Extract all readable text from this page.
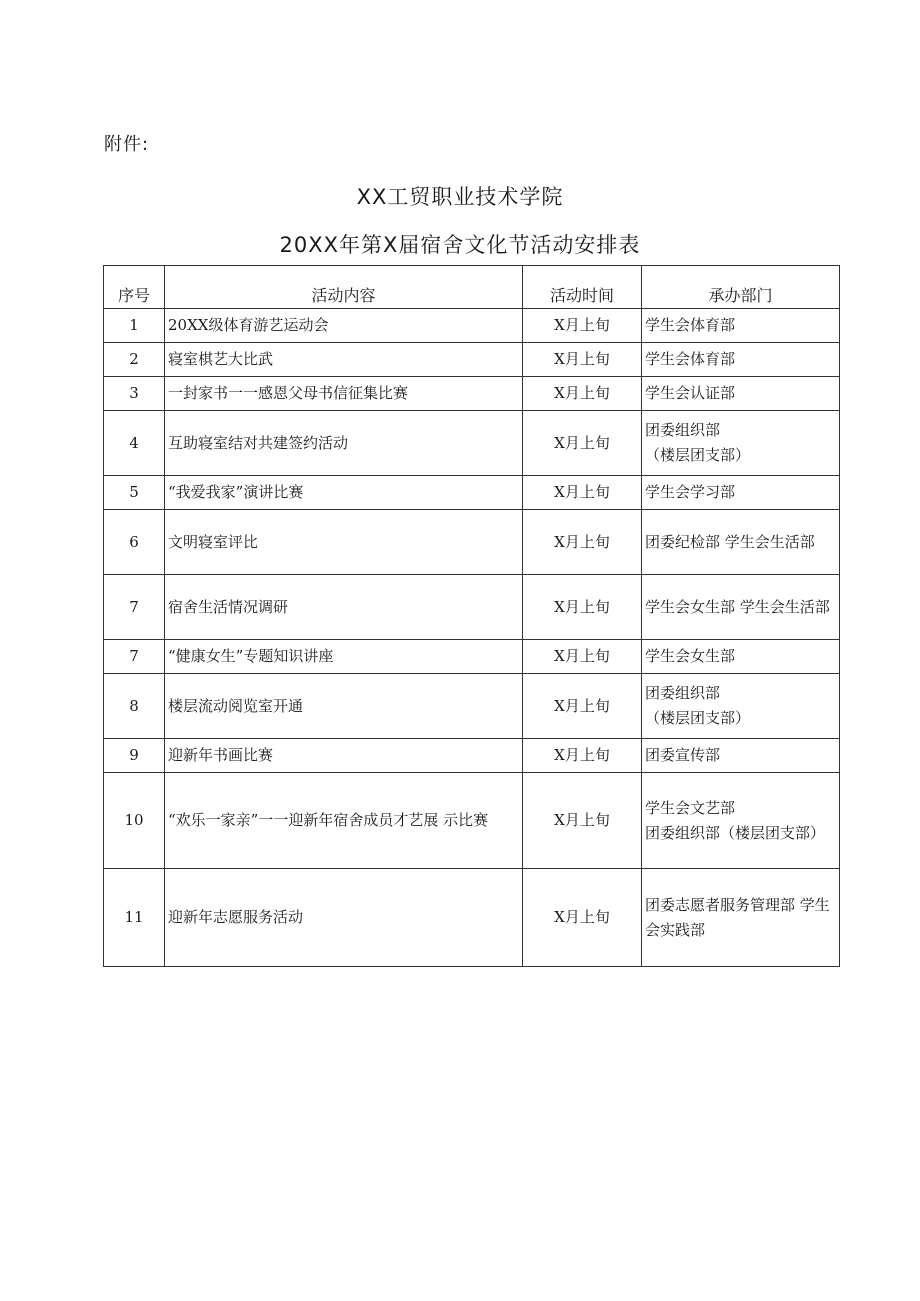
附件:
XX工贸职业技术学院
20XX年第X届宿舍文化节活动安排表
序号	活动内容	活动时间	承办部门
1	20XX级体育游艺运动会	X月上旬	学生会体育部
2	寝室棋艺大比武	X月上旬	学生会体育部
3	一封家书一一感恩父母书信征集比赛	X月上旬	学生会认证部
4	互助寝室结对共建签约活动	X月上旬	团委组织部
（楼层团支部）
5	“我爱我家”演讲比赛	X月上旬	学生会学习部
6	文明寝室评比	X月上旬	团委纪检部 学生会生活部
7	宿舍生活情况调研	X月上旬	学生会女生部 学生会生活部
7	“健康女生”专题知识讲座	X月上旬	学生会女生部
8	楼层流动阅览室开通	X月上旬	团委组织部
（楼层团支部）
9	迎新年书画比赛	X月上旬	团委宣传部
10	“欢乐一家亲”一一迎新年宿舍成员才艺展 示比赛	X月上旬	学生会文艺部
团委组织部（楼层团支部）
11	迎新年志愿服务活动	X月上旬	团委志愿者服务管理部 学生会实践部
